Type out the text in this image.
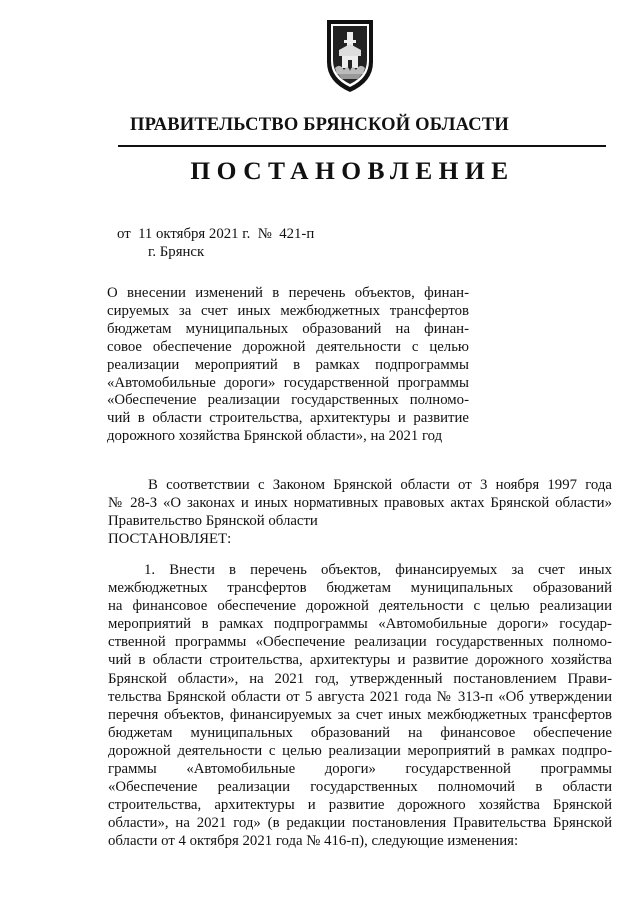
ПРАВИТЕЛЬСТВО БРЯНСКОЙ ОБЛАСТИ
ПОСТАНОВЛЕНИЕ
от  11 октября 2021 г.  №  421-п
г. Брянск
О внесении изменений в перечень объектов, финан-
сируемых за счет иных межбюджетных трансфертов
бюджетам муниципальных образований на финан-
совое обеспечение дорожной деятельности с целью
реализации мероприятий в рамках подпрограммы
«Автомобильные дороги» государственной программы
«Обеспечение реализации государственных полномо-
чий в области строительства, архитектуры и развитие
дорожного хозяйства Брянской области», на 2021 год
В соответствии с Законом Брянской области от 3 ноября 1997 года
№ 28-З «О законах и иных нормативных правовых актах Брянской области»
Правительство Брянской области
ПОСТАНОВЛЯЕТ:
1. Внести в перечень объектов, финансируемых за счет иных
межбюджетных трансфертов бюджетам муниципальных образований
на финансовое обеспечение дорожной деятельности с целью реализации
мероприятий в рамках подпрограммы «Автомобильные дороги» государ-
ственной программы «Обеспечение реализации государственных полномо-
чий в области строительства, архитектуры и развитие дорожного хозяйства
Брянской области», на 2021 год, утвержденный постановлением Прави-
тельства Брянской области от 5 августа 2021 года № 313-п «Об утверждении
перечня объектов, финансируемых за счет иных межбюджетных трансфертов
бюджетам муниципальных образований на финансовое обеспечение
дорожной деятельности с целью реализации мероприятий в рамках подпро-
граммы «Автомобильные дороги» государственной программы
«Обеспечение реализации государственных полномочий в области
строительства, архитектуры и развитие дорожного хозяйства Брянской
области», на 2021 год» (в редакции постановления Правительства Брянской
области от 4 октября 2021 года № 416-п), следующие изменения:
